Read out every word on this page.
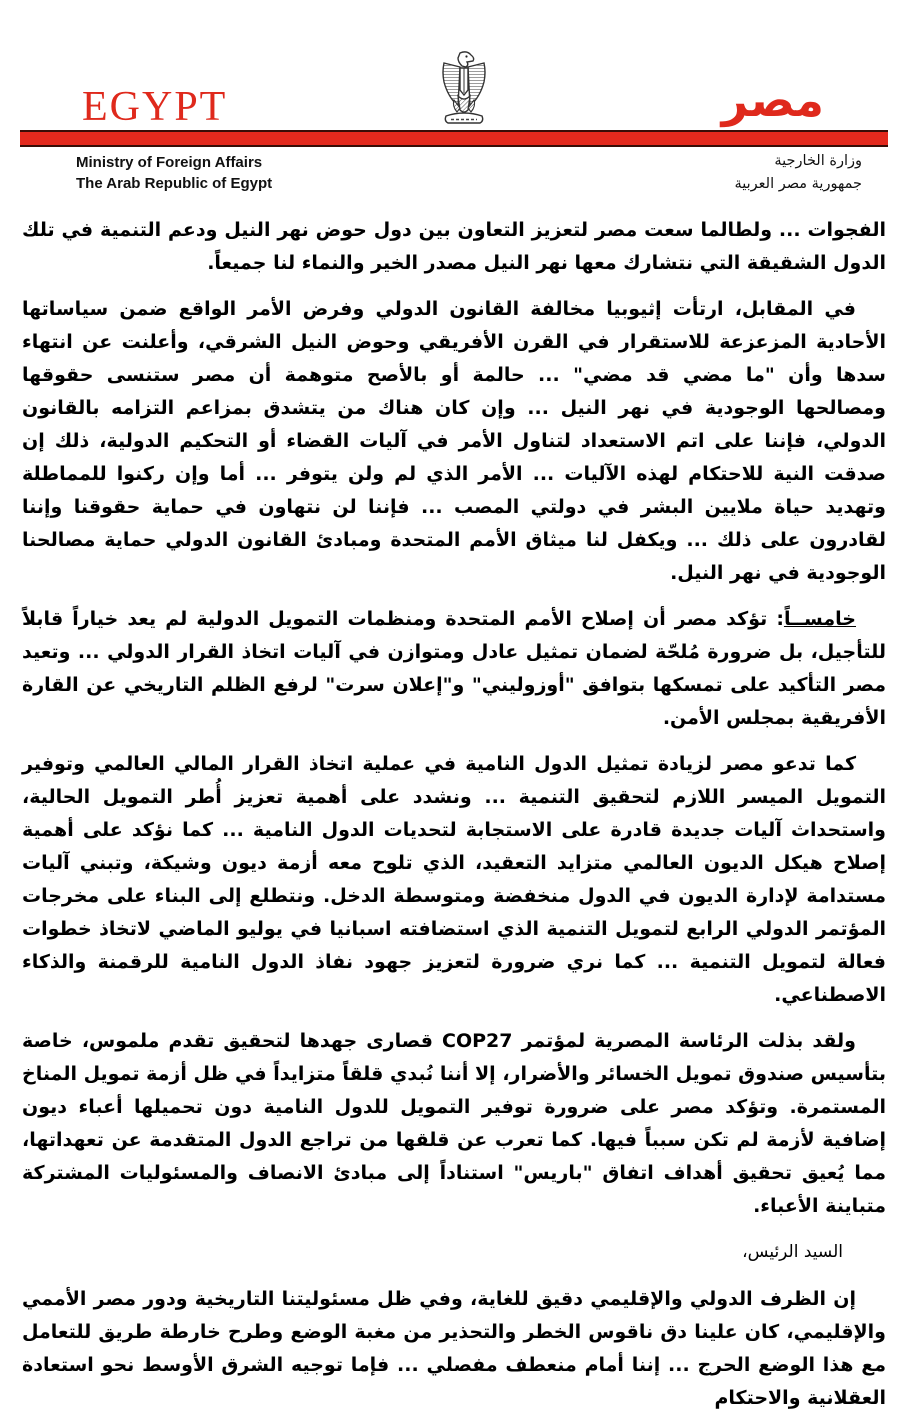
EGYPT	مصر
Ministry of Foreign Affairs
The Arab Republic of Egypt
وزارة الخارجية
جمهورية مصر العربية

الفجوات ... ولطالما سعت مصر لتعزيز التعاون بين دول حوض نهر النيل ودعم التنمية في تلك الدول الشقيقة التي نتشارك معها نهر النيل مصدر الخير والنماء لنا جميعاً.

في المقابل، ارتأت إثيوبيا مخالفة القانون الدولي وفرض الأمر الواقع ضمن سياساتها الأحادية المزعزعة للاستقرار في القرن الأفريقي وحوض النيل الشرقي، وأعلنت عن انتهاء سدها وأن "ما مضي قد مضي" ... حالمة أو بالأصح متوهمة أن مصر ستنسى حقوقها ومصالحها الوجودية في نهر النيل ... وإن كان هناك من يتشدق بمزاعم التزامه بالقانون الدولي، فإننا على اتم الاستعداد لتناول الأمر في آليات القضاء أو التحكيم الدولية، ذلك إن صدقت النية للاحتكام لهذه الآليات ... الأمر الذي لم ولن يتوفر ... أما وإن ركنوا للمماطلة وتهديد حياة ملايين البشر في دولتي المصب ... فإننا لن نتهاون في حماية حقوقنا وإننا لقادرون على ذلك ... ويكفل لنا ميثاق الأمم المتحدة ومبادئ القانون الدولي حماية مصالحنا الوجودية في نهر النيل.

خامســاً: تؤكد مصر أن إصلاح الأمم المتحدة ومنظمات التمويل الدولية لم يعد خياراً قابلاً للتأجيل، بل ضرورة مُلحّة لضمان تمثيل عادل ومتوازن في آليات اتخاذ القرار الدولي ... وتعيد مصر التأكيد على تمسكها بتوافق "أوزوليني" و"إعلان سرت" لرفع الظلم التاريخي عن القارة الأفريقية بمجلس الأمن.

كما تدعو مصر لزيادة تمثيل الدول النامية في عملية اتخاذ القرار المالي العالمي وتوفير التمويل الميسر اللازم لتحقيق التنمية ... ونشدد على أهمية تعزيز أُطر التمويل الحالية، واستحداث آليات جديدة قادرة على الاستجابة لتحديات الدول النامية ... كما نؤكد على أهمية إصلاح هيكل الديون العالمي متزايد التعقيد، الذي تلوح معه أزمة ديون وشيكة، وتبني آليات مستدامة لإدارة الديون في الدول منخفضة ومتوسطة الدخل. ونتطلع إلى البناء على مخرجات المؤتمر الدولي الرابع لتمويل التنمية الذي استضافته اسبانيا في يوليو الماضي لاتخاذ خطوات فعالة لتمويل التنمية ... كما نري ضرورة لتعزيز جهود نفاذ الدول النامية للرقمنة والذكاء الاصطناعي.

ولقد بذلت الرئاسة المصرية لمؤتمر COP27 قصارى جهدها لتحقيق تقدم ملموس، خاصة بتأسيس صندوق تمويل الخسائر والأضرار، إلا أننا نُبدي قلقاً متزايداً في ظل أزمة تمويل المناخ المستمرة. وتؤكد مصر على ضرورة توفير التمويل للدول النامية دون تحميلها أعباء ديون إضافية لأزمة لم تكن سبباً فيها. كما تعرب عن قلقها من تراجع الدول المتقدمة عن تعهداتها، مما يُعيق تحقيق أهداف اتفاق "باريس" استناداً إلى مبادئ الانصاف والمسئوليات المشتركة متباينة الأعباء.

السيد الرئيس،

إن الظرف الدولي والإقليمي دقيق للغاية، وفي ظل مسئوليتنا التاريخية ودور مصر الأممي والإقليمي، كان علينا دق ناقوس الخطر والتحذير من مغبة الوضع وطرح خارطة طريق للتعامل مع هذا الوضع الحرج ... إننا أمام منعطف مفصلي ... فإما توجيه الشرق الأوسط نحو استعادة العقلانية والاحتكام
